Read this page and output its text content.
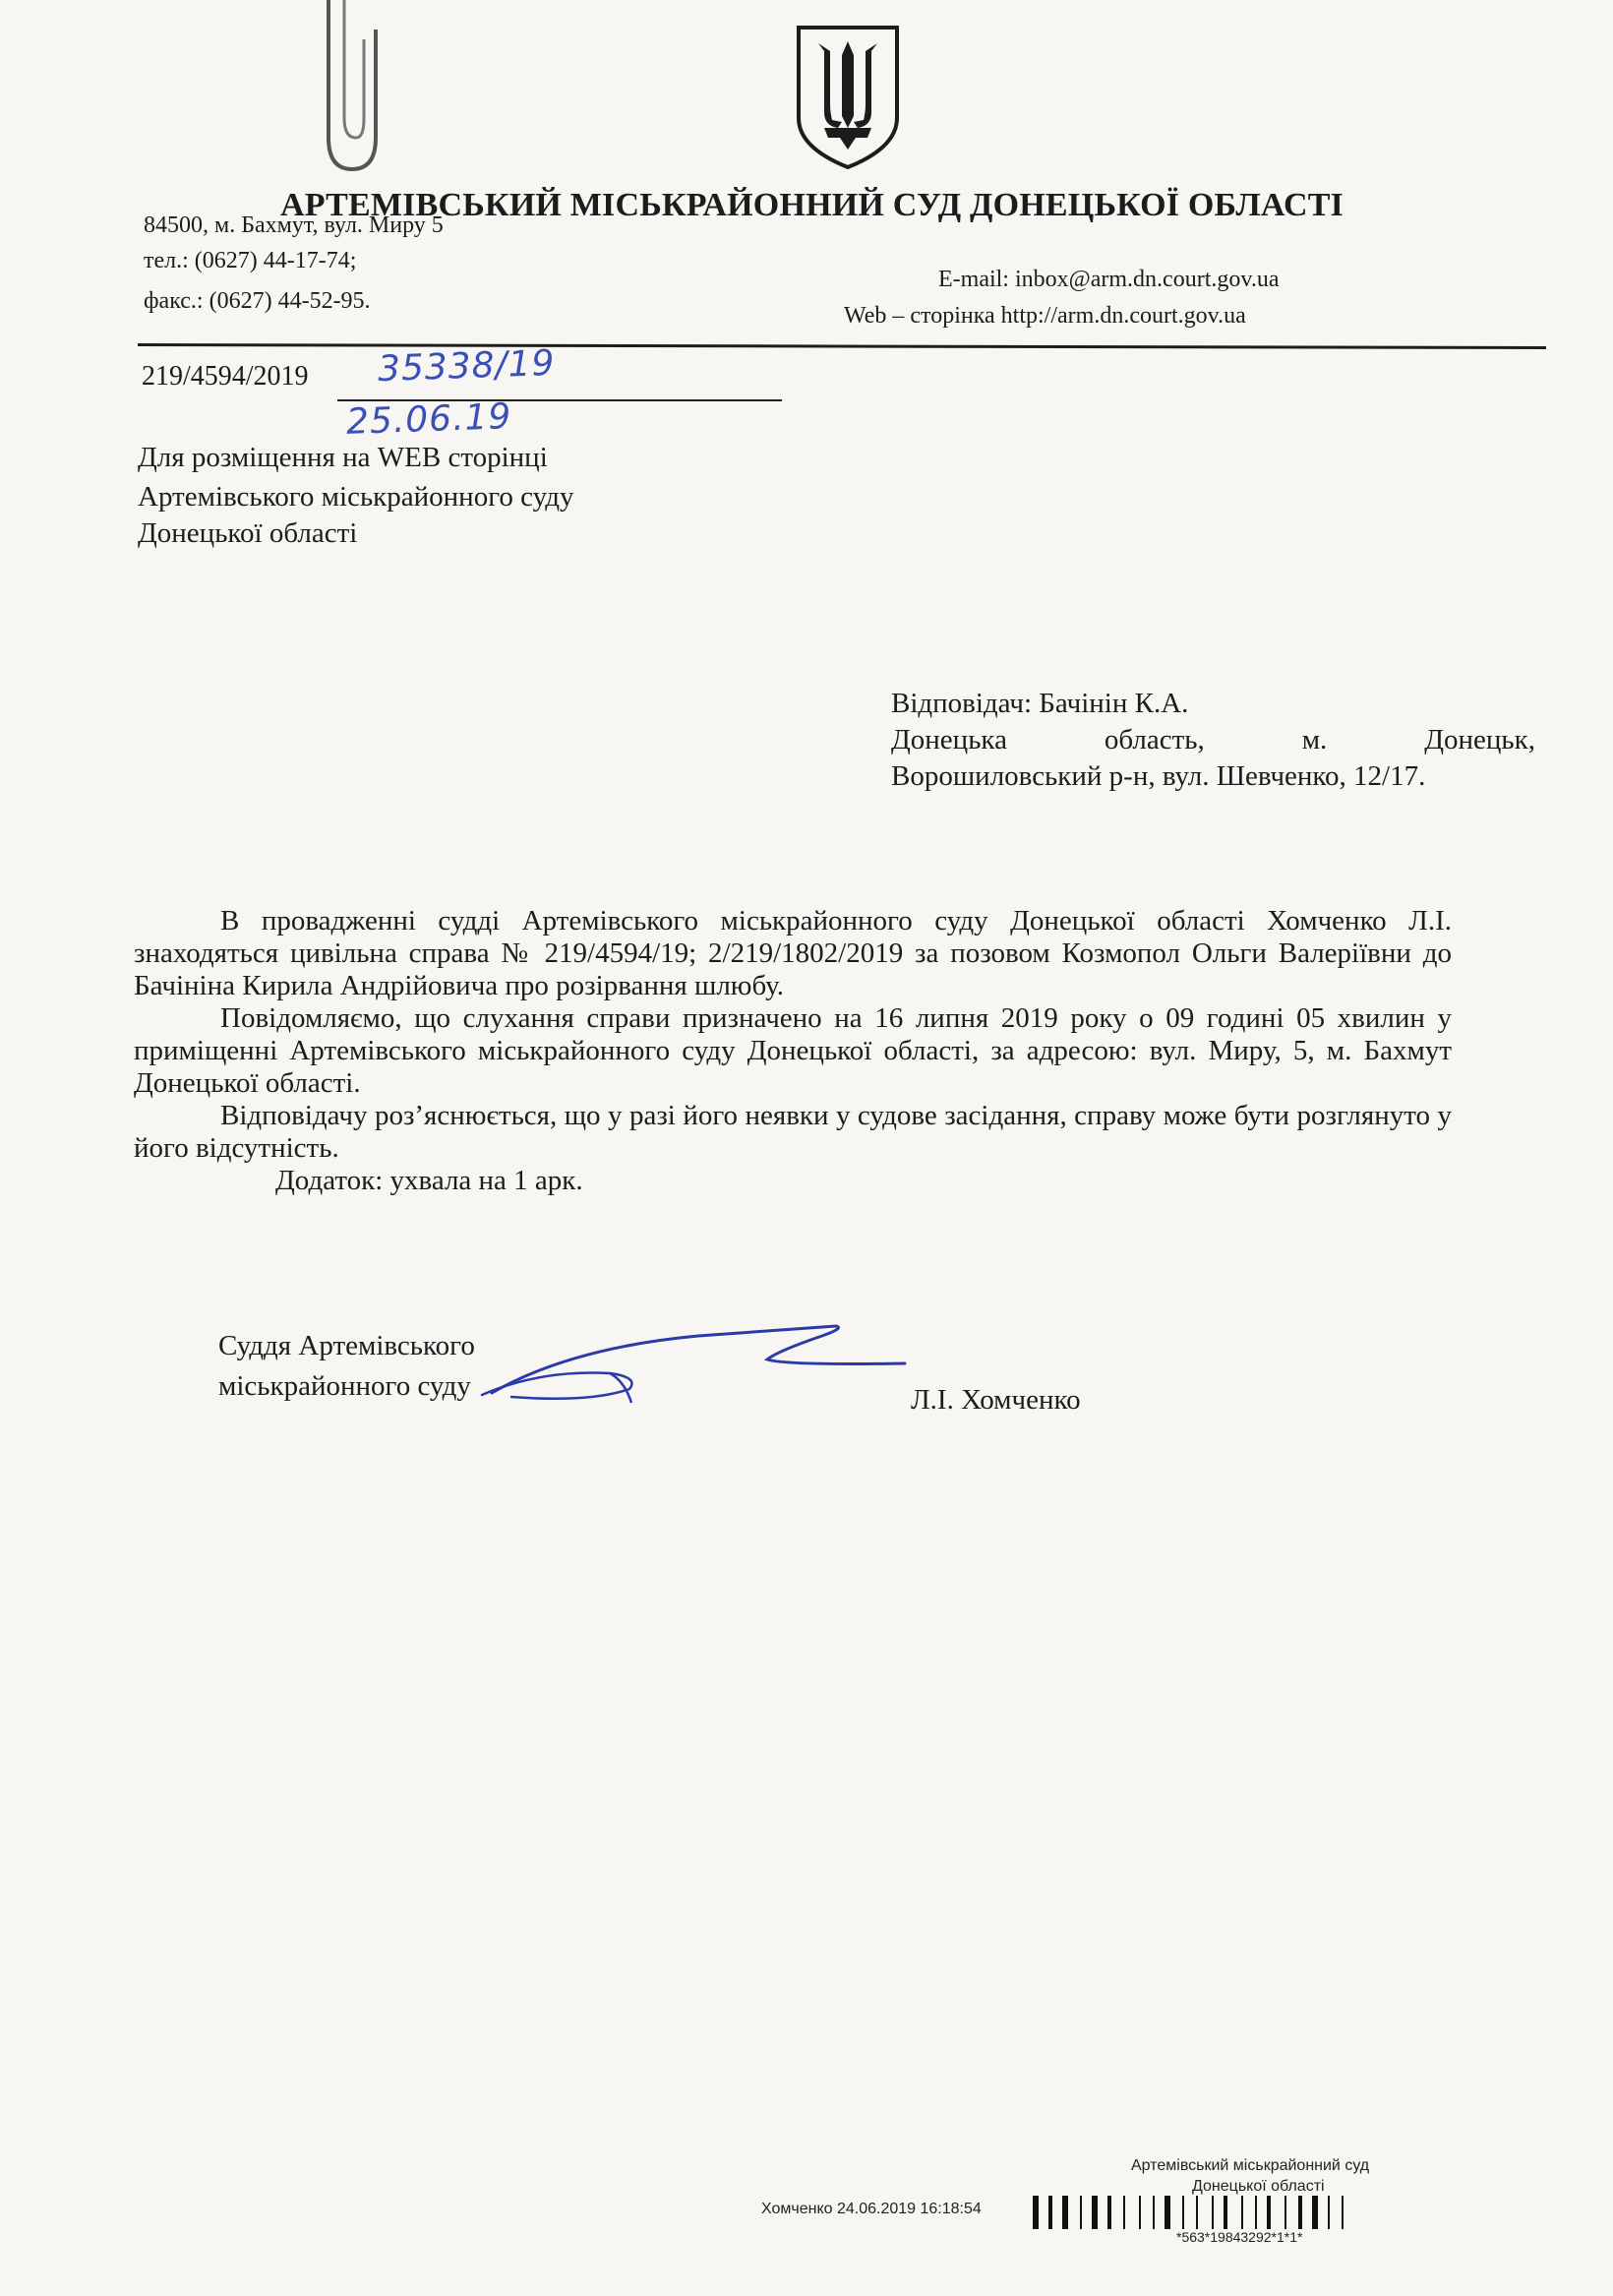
АРТЕМІВСЬКИЙ МІСЬКРАЙОННИЙ СУД ДОНЕЦЬКОЇ ОБЛАСТІ
84500, м. Бахмут, вул. Миру 5
тел.: (0627) 44-17-74;
факс.: (0627) 44-52-95.
E-mail: inbox@arm.dn.court.gov.ua
Web – сторінка http://arm.dn.court.gov.ua
219/4594/2019 35338/19
25.06.19
Для розміщення на WEB сторінці
Артемівського міськрайонного суду
Донецької області
Відповідач: Бачінін К.А.
Донецька область, м. Донецьк,
Ворошиловський р-н, вул. Шевченко, 12/17.

В провадженні судді Артемівського міськрайонного суду Донецької області Хомченко Л.І. знаходяться цивільна справа № 219/4594/19; 2/219/1802/2019 за позовом Козмопол Ольги Валеріївни до Бачініна Кирила Андрійовича про розірвання шлюбу.

Повідомляємо, що слухання справи призначено на 16 липня 2019 року о 09 годині 05 хвилин у приміщенні Артемівського міськрайонного суду Донецької області, за адресою: вул. Миру, 5, м. Бахмут Донецької області.

Відповідачу роз’яснюється, що у разі його неявки у судове засідання, справу може бути розглянуто у його відсутність.

Додаток: ухвала на 1 арк.

Суддя Артемівського
міськрайонного суду	Л.І. Хомченко
Артемівський міськрайонний суд
Донецької області
Хомченко 24.06.2019 16:18:54
*563*19843292*1*1*
